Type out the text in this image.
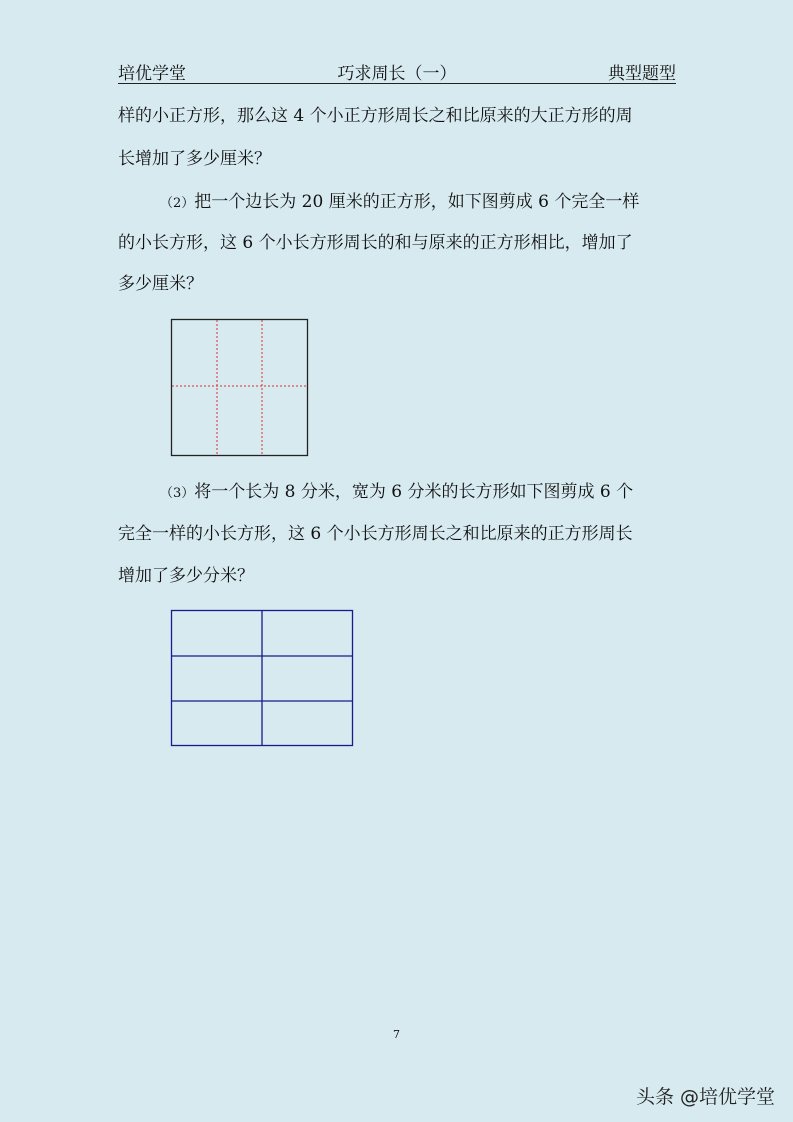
培优学堂	巧求周长（一）	典型题型
样的小正方形，那么这 4 个小正方形周长之和比原来的大正方形的周
长增加了多少厘米？
（2）把一个边长为 20 厘米的正方形，如下图剪成 6 个完全一样
的小长方形，这 6 个小长方形周长的和与原来的正方形相比，增加了
多少厘米？
（3）将一个长为 8 分米，宽为 6 分米的长方形如下图剪成 6 个
完全一样的小长方形，这 6 个小长方形周长之和比原来的正方形周长
增加了多少分米？
7
头条 @培优学堂
